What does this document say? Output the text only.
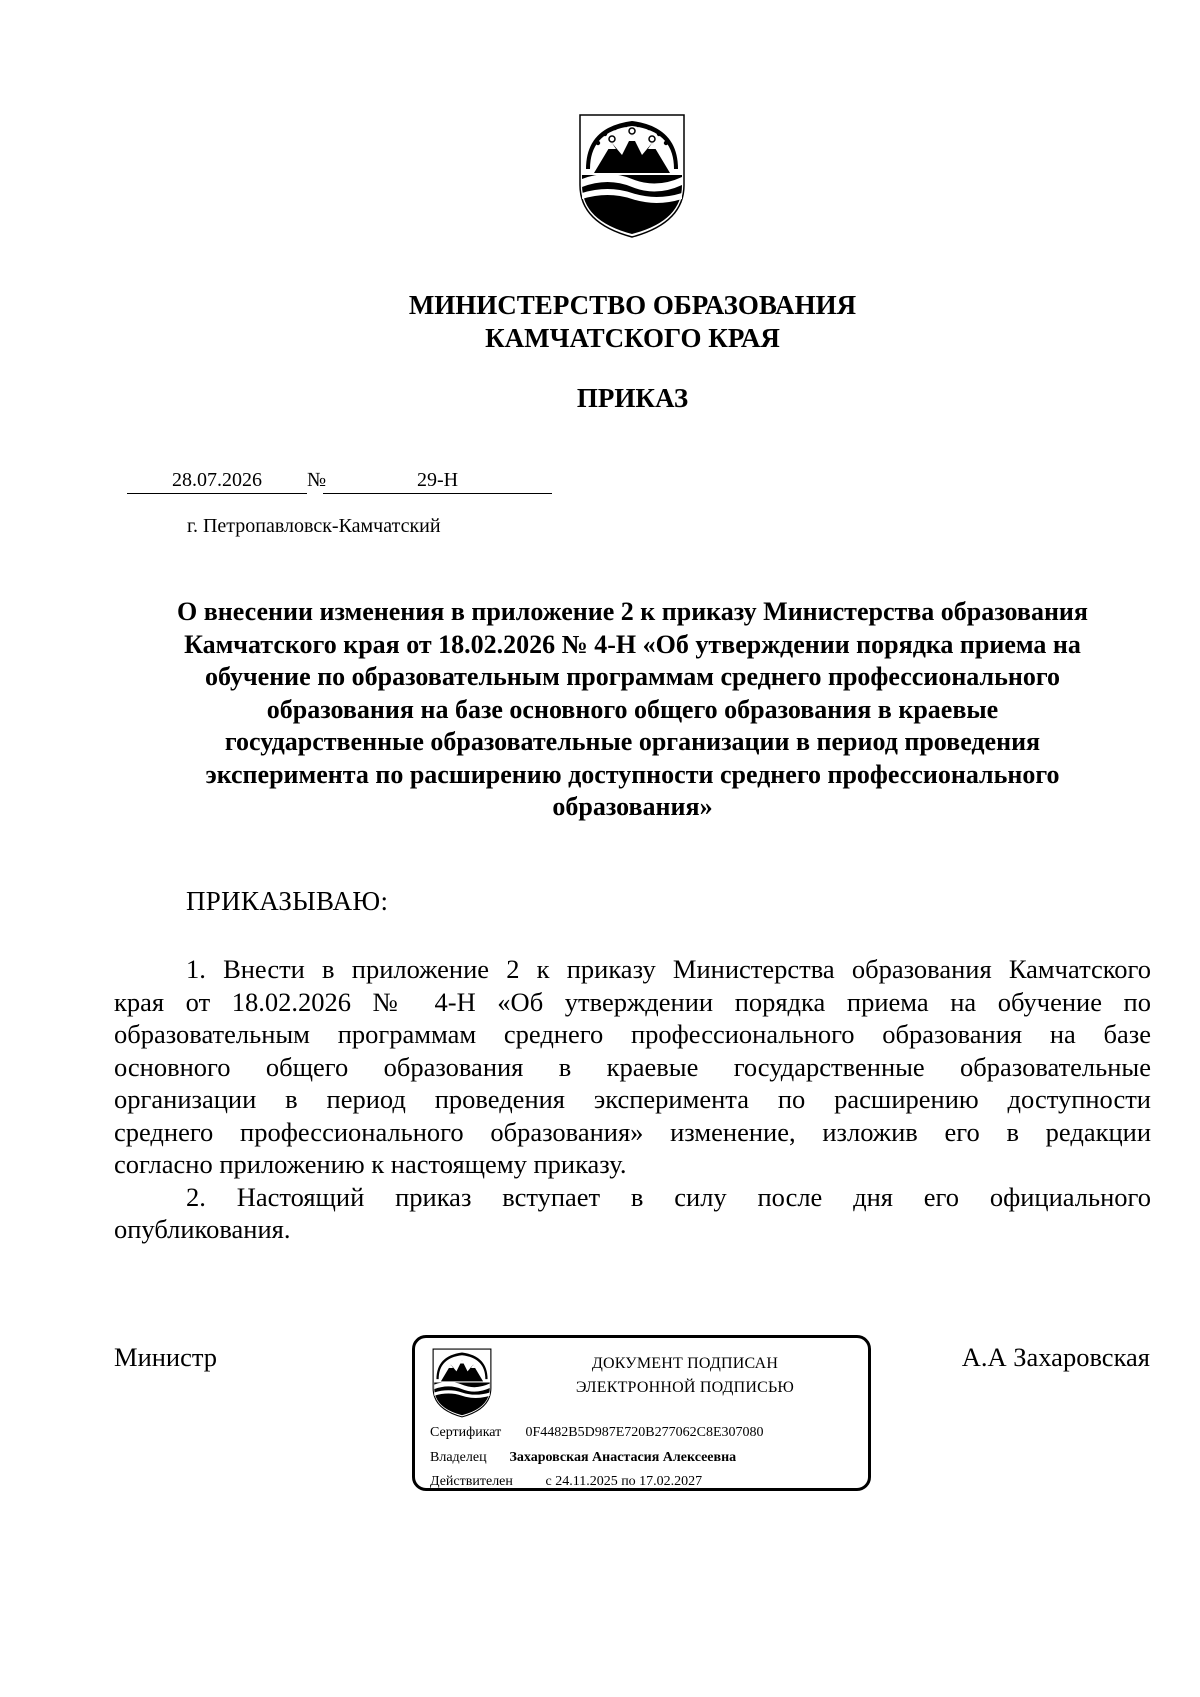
МИНИСТЕРСТВО ОБРАЗОВАНИЯ
КАМЧАТСКОГО КРАЯ
ПРИКАЗ
28.07.2026	№	29-Н
г. Петропавловск-Камчатский
О внесении изменения в приложение 2 к приказу Министерства образования
Камчатского края от 18.02.2026 № 4-Н «Об утверждении порядка приема на
обучение по образовательным программам среднего профессионального
образования на базе основного общего образования в краевые
государственные образовательные организации в период проведения
эксперимента по расширению доступности среднего профессионального
образования»
ПРИКАЗЫВАЮ:
1. Внести в приложение 2 к приказу Министерства образования Камчатского
края от 18.02.2026 № 4-Н «Об утверждении порядка приема на обучение по
образовательным программам среднего профессионального образования на базе
основного общего образования в краевые государственные образовательные
организации в период проведения эксперимента по расширению доступности
среднего профессионального образования» изменение, изложив его в редакции
согласно приложению к настоящему приказу.
2. Настоящий приказ вступает в силу после дня его официального
опубликования.
Министр	А.А Захаровская
ДОКУМЕНТ ПОДПИСАН
ЭЛЕКТРОННОЙ ПОДПИСЬЮ
Сертификат 0F4482B5D987E720B277062C8E307080
Владелец Захаровская Анастасия Алексеевна
Действителен с 24.11.2025 по 17.02.2027
